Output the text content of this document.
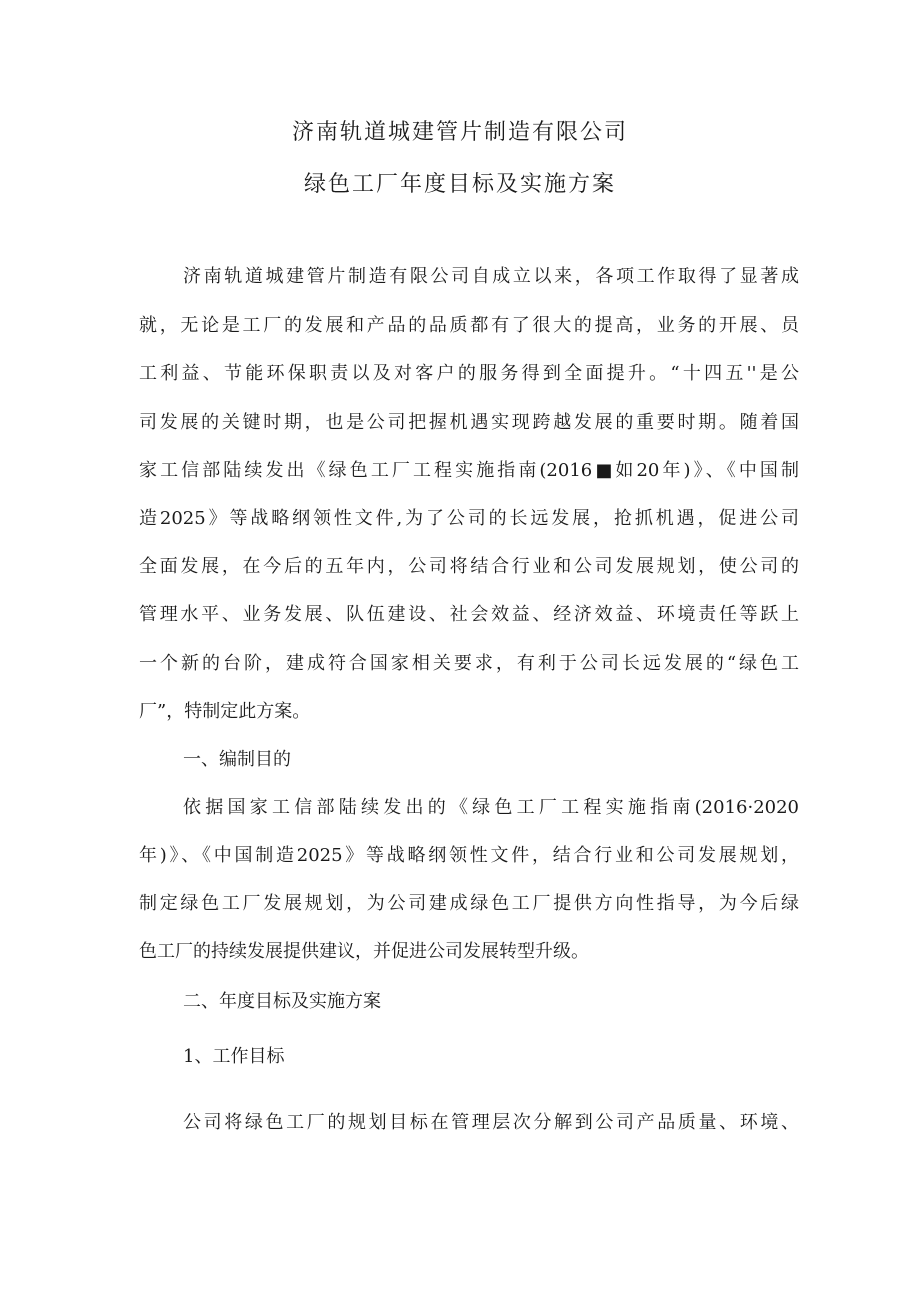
济南轨道城建管片制造有限公司
绿色工厂年度目标及实施方案
济南轨道城建管片制造有限公司自成立以来，各项工作取得了显著成
就，无论是工厂的发展和产品的品质都有了很大的提高，业务的开展、员
工利益、节能环保职责以及对客户的服务得到全面提升。“十四五''是公
司发展的关键时期，也是公司把握机遇实现跨越发展的重要时期。随着国
家工信部陆续发出《绿色工厂工程实施指南(2016■如20年)》、《中国制
造2025》等战略纲领性文件,为了公司的长远发展，抢抓机遇，促进公司
全面发展，在今后的五年内，公司将结合行业和公司发展规划，使公司的
管理水平、业务发展、队伍建设、社会效益、经济效益、环境责任等跃上
一个新的台阶，建成符合国家相关要求，有利于公司长远发展的“绿色工
厂”，特制定此方案。
一、编制目的
依据国家工信部陆续发出的《绿色工厂工程实施指南(2016·2020
年)》、《中国制造2025》等战略纲领性文件，结合行业和公司发展规划，
制定绿色工厂发展规划，为公司建成绿色工厂提供方向性指导，为今后绿
色工厂的持续发展提供建议，并促进公司发展转型升级。
二、年度目标及实施方案
1、工作目标
公司将绿色工厂的规划目标在管理层次分解到公司产品质量、环境、
